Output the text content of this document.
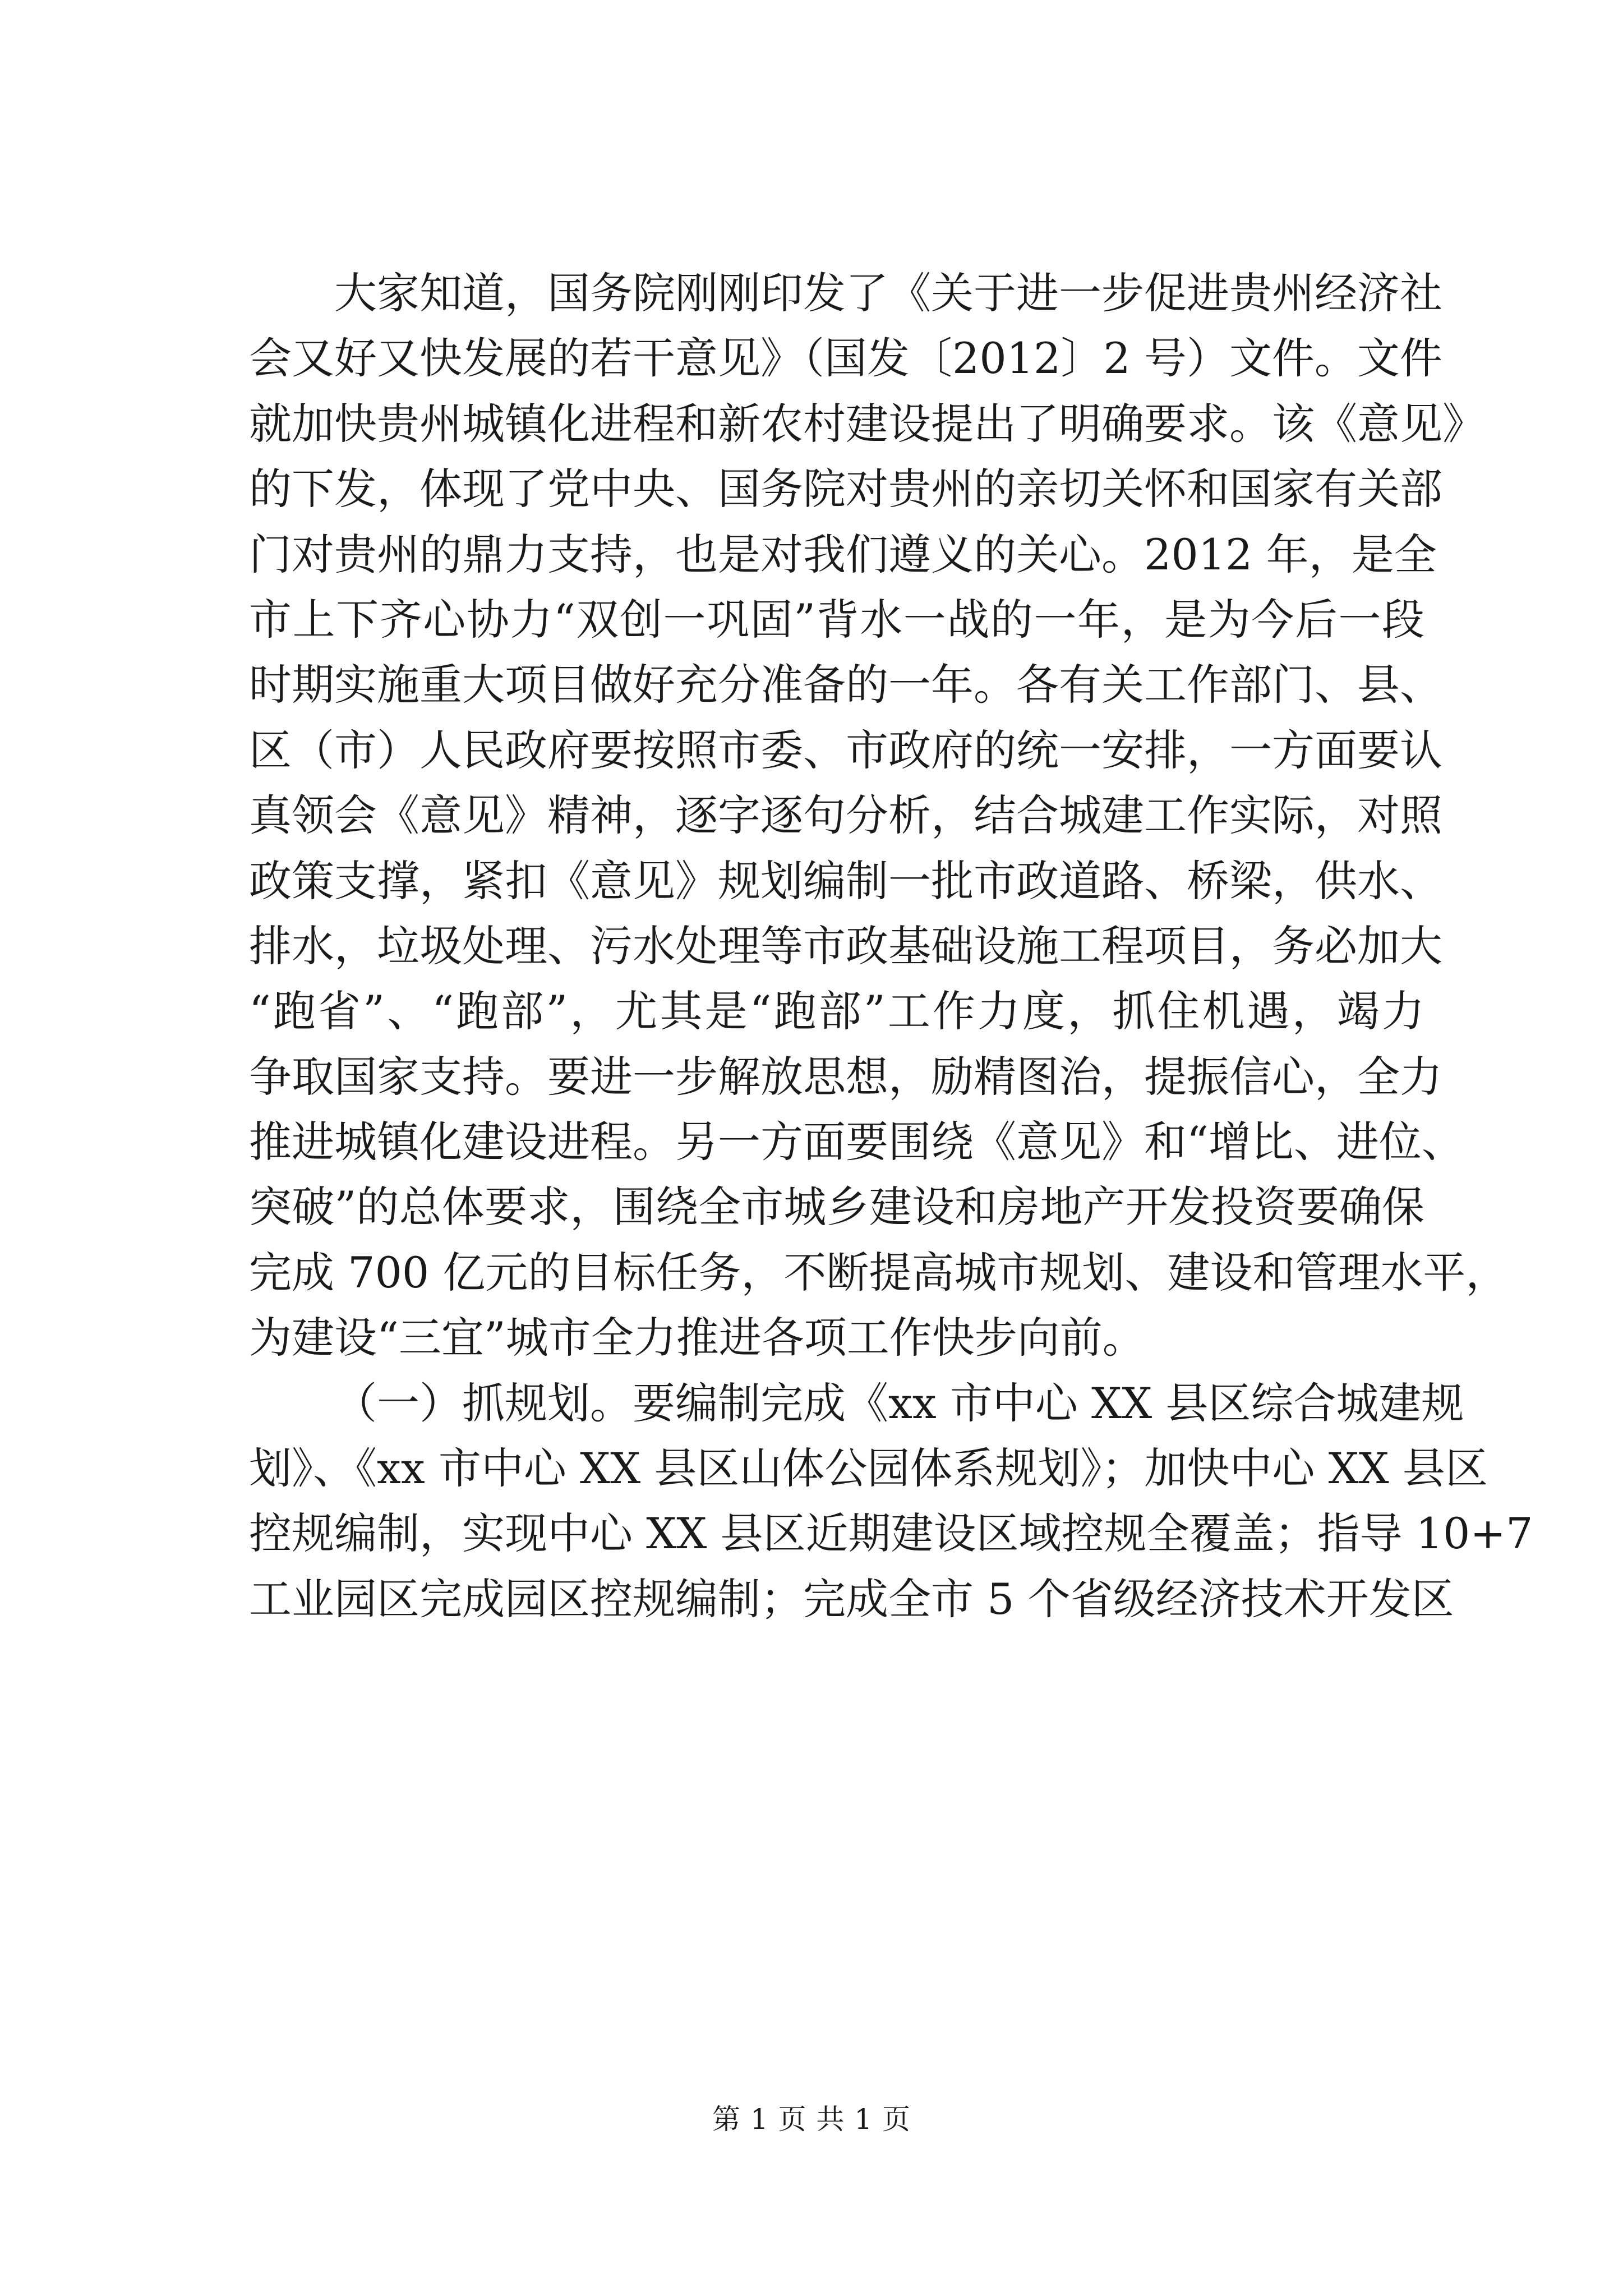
大家知道，国务院刚刚印发了《关于进一步促进贵州经济社
会又好又快发展的若干意见》（国发〔2012〕2 号）文件。文件
就加快贵州城镇化进程和新农村建设提出了明确要求。该《意见》
的下发，体现了党中央、国务院对贵州的亲切关怀和国家有关部
门对贵州的鼎力支持，也是对我们遵义的关心。2012 年，是全
市上下齐心协力“双创一巩固”背水一战的一年，是为今后一段
时期实施重大项目做好充分准备的一年。各有关工作部门、县、
区（市）人民政府要按照市委、市政府的统一安排，一方面要认
真领会《意见》精神，逐字逐句分析，结合城建工作实际，对照
政策支撑，紧扣《意见》规划编制一批市政道路、桥梁，供水、
排水，垃圾处理、污水处理等市政基础设施工程项目，务必加大
“跑省”、“跑部”，尤其是“跑部”工作力度，抓住机遇，竭力
争取国家支持。要进一步解放思想，励精图治，提振信心，全力
推进城镇化建设进程。另一方面要围绕《意见》和“增比、进位、
突破”的总体要求，围绕全市城乡建设和房地产开发投资要确保
完成 700 亿元的目标任务，不断提高城市规划、建设和管理水平，
为建设“三宜”城市全力推进各项工作快步向前。
（一）抓规划。要编制完成《xx 市中心 XX 县区综合城建规
划》、《xx 市中心 XX 县区山体公园体系规划》；加快中心 XX 县区
控规编制，实现中心 XX 县区近期建设区域控规全覆盖；指导 10+7
工业园区完成园区控规编制；完成全市 5 个省级经济技术开发区
第 1 页 共 1 页
